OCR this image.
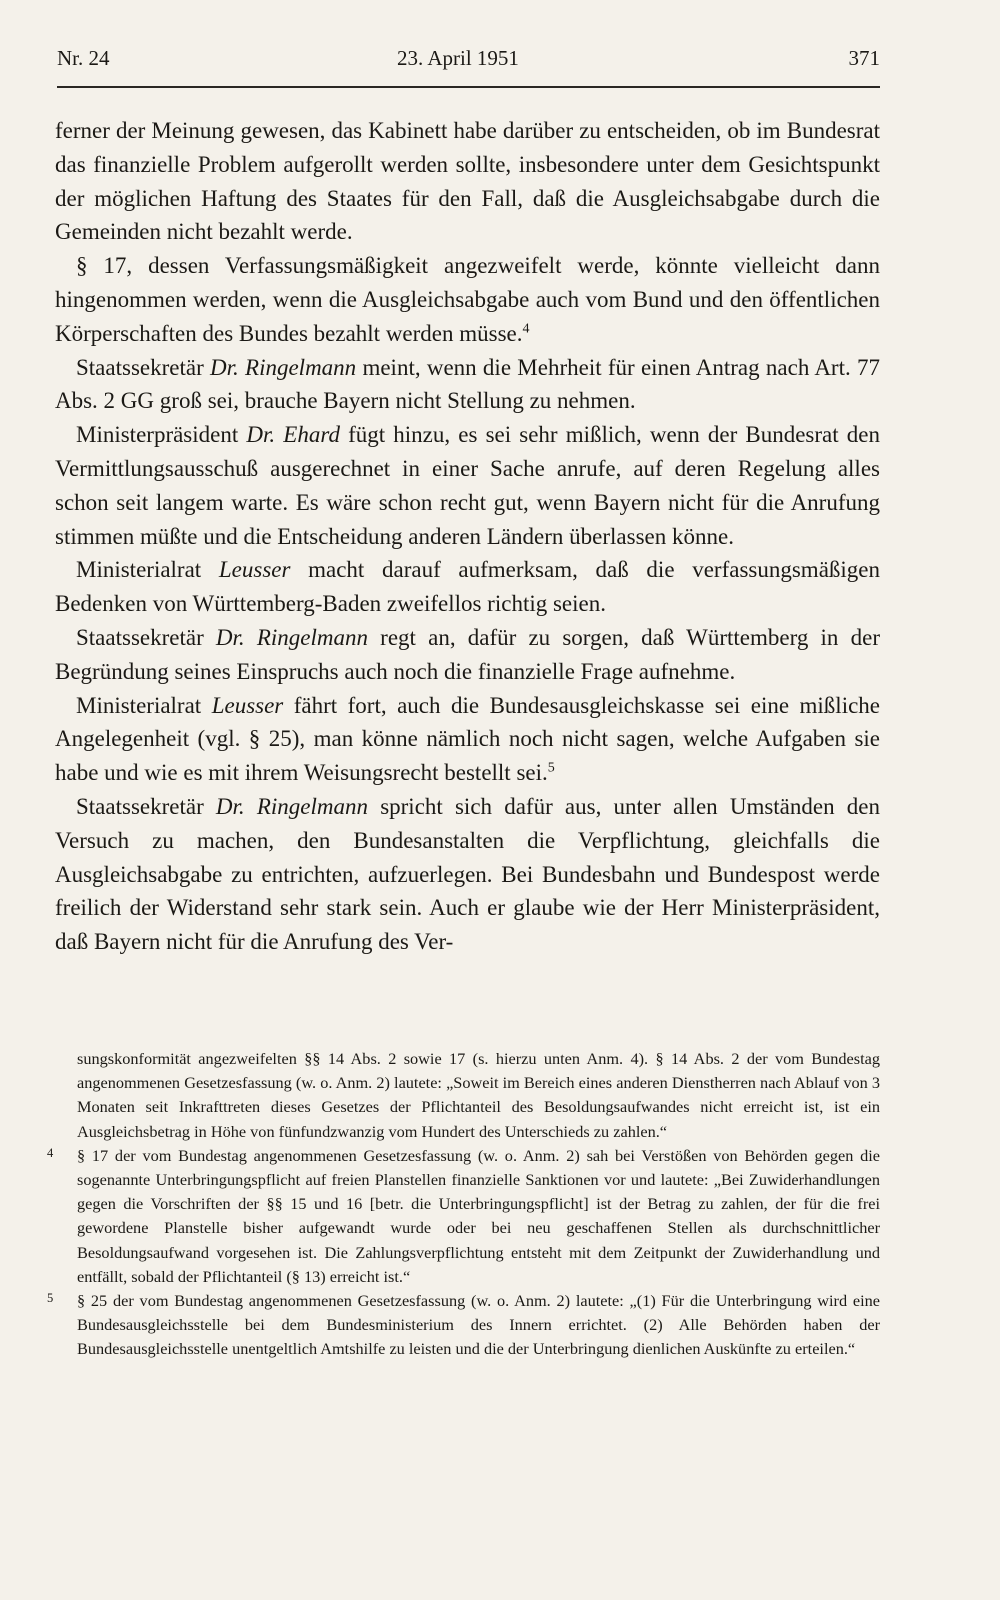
Nr. 24	23. April 1951	371

ferner der Meinung gewesen, das Kabinett habe darüber zu entscheiden, ob im Bundesrat das finanzielle Problem aufgerollt werden sollte, insbesondere unter dem Gesichtspunkt der möglichen Haftung des Staates für den Fall, daß die Ausgleichsabgabe durch die Gemeinden nicht bezahlt werde.

§ 17, dessen Verfassungsmäßigkeit angezweifelt werde, könnte vielleicht dann hingenommen werden, wenn die Ausgleichsabgabe auch vom Bund und den öffentlichen Körperschaften des Bundes bezahlt werden müsse.$^4$

Staatssekretär Dr. Ringelmann meint, wenn die Mehrheit für einen Antrag nach Art. 77 Abs. 2 GG groß sei, brauche Bayern nicht Stellung zu nehmen.

Ministerpräsident Dr. Ehard fügt hinzu, es sei sehr mißlich, wenn der Bundesrat den Vermittlungsausschuß ausgerechnet in einer Sache anrufe, auf deren Regelung alles schon seit langem warte. Es wäre schon recht gut, wenn Bayern nicht für die Anrufung stimmen müßte und die Entscheidung anderen Ländern überlassen könne.

Ministerialrat Leusser macht darauf aufmerksam, daß die verfassungsmäßigen Bedenken von Württemberg-Baden zweifellos richtig seien.

Staatssekretär Dr. Ringelmann regt an, dafür zu sorgen, daß Württemberg in der Begründung seines Einspruchs auch noch die finanzielle Frage aufnehme.

Ministerialrat Leusser fährt fort, auch die Bundesausgleichskasse sei eine mißliche Angelegenheit (vgl. § 25), man könne nämlich noch nicht sagen, welche Aufgaben sie habe und wie es mit ihrem Weisungsrecht bestellt sei.$^5$

Staatssekretär Dr. Ringelmann spricht sich dafür aus, unter allen Umständen den Versuch zu machen, den Bundesanstalten die Verpflichtung, gleichfalls die Ausgleichsabgabe zu entrichten, aufzuerlegen. Bei Bundesbahn und Bundespost werde freilich der Widerstand sehr stark sein. Auch er glaube wie der Herr Ministerpräsident, daß Bayern nicht für die Anrufung des Ver-

sungskonformität angezweifelten §§ 14 Abs. 2 sowie 17 (s. hierzu unten Anm. 4). § 14 Abs. 2 der vom Bundestag angenommenen Gesetzesfassung (w. o. Anm. 2) lautete: „Soweit im Bereich eines anderen Dienstherren nach Ablauf von 3 Monaten seit Inkrafttreten dieses Gesetzes der Pflichtanteil des Besoldungsaufwandes nicht erreicht ist, ist ein Ausgleichsbetrag in Höhe von fünfundzwanzig vom Hundert des Unterschieds zu zahlen.“

4 § 17 der vom Bundestag angenommenen Gesetzesfassung (w. o. Anm. 2) sah bei Verstößen von Behörden gegen die sogenannte Unterbringungspflicht auf freien Planstellen finanzielle Sanktionen vor und lautete: „Bei Zuwiderhandlungen gegen die Vorschriften der §§ 15 und 16 [betr. die Unterbringungspflicht] ist der Betrag zu zahlen, der für die frei gewordene Planstelle bisher aufgewandt wurde oder bei neu geschaffenen Stellen als durchschnittlicher Besoldungsaufwand vorgesehen ist. Die Zahlungsverpflichtung entsteht mit dem Zeitpunkt der Zuwiderhandlung und entfällt, sobald der Pflichtanteil (§ 13) erreicht ist.“

5 § 25 der vom Bundestag angenommenen Gesetzesfassung (w. o. Anm. 2) lautete: „(1) Für die Unterbringung wird eine Bundesausgleichsstelle bei dem Bundesministerium des Innern errichtet. (2) Alle Behörden haben der Bundesausgleichsstelle unentgeltlich Amtshilfe zu leisten und die der Unterbringung dienlichen Auskünfte zu erteilen.“
